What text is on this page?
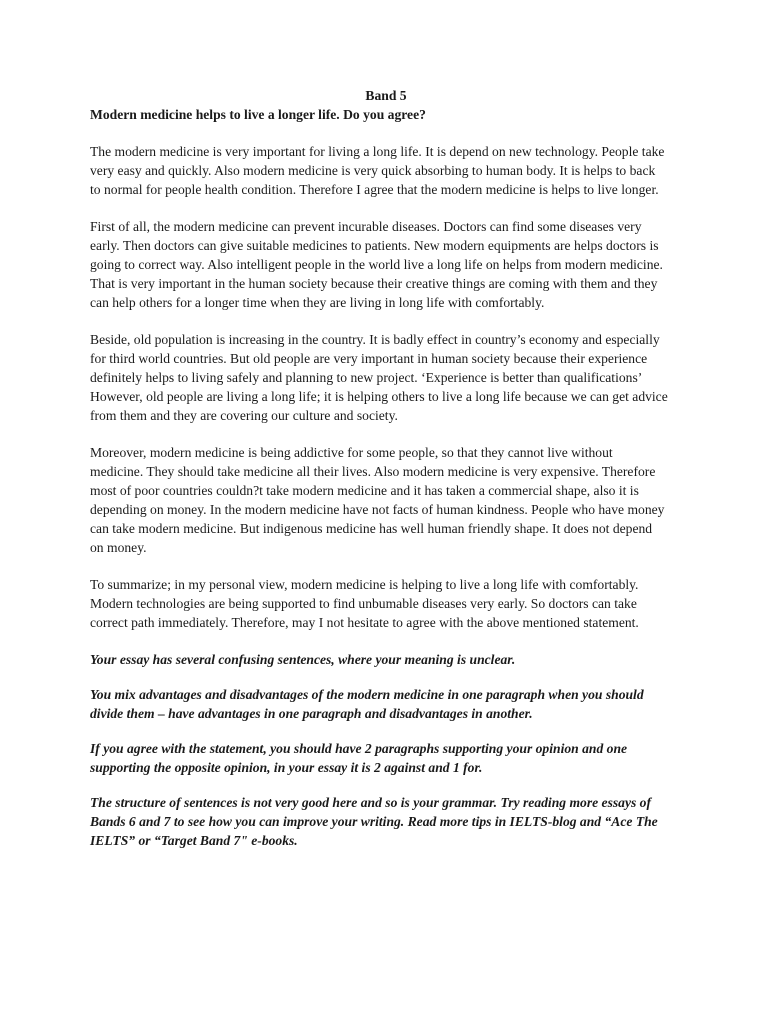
Band 5

Modern medicine helps to live a longer life. Do you agree?

The modern medicine is very important for living a long life. It is depend on new technology. People take
very easy and quickly. Also modern medicine is very quick absorbing to human body. It is helps to back
to normal for people health condition. Therefore I agree that the modern medicine is helps to live longer.

First of all, the modern medicine can prevent incurable diseases. Doctors can find some diseases very
early. Then doctors can give suitable medicines to patients. New modern equipments are helps doctors is
going to correct way. Also intelligent people in the world live a long life on helps from modern medicine.
That is very important in the human society because their creative things are coming with them and they
can help others for a longer time when they are living in long life with comfortably.

Beside, old population is increasing in the country. It is badly effect in country’s economy and especially
for third world countries. But old people are very important in human society because their experience
definitely helps to living safely and planning to new project. ‘Experience is better than qualifications’
However, old people are living a long life; it is helping others to live a long life because we can get advice
from them and they are covering our culture and society.

Moreover, modern medicine is being addictive for some people, so that they cannot live without
medicine. They should take medicine all their lives. Also modern medicine is very expensive. Therefore
most of poor countries couldn?t take modern medicine and it has taken a commercial shape, also it is
depending on money. In the modern medicine have not facts of human kindness. People who have money
can take modern medicine. But indigenous medicine has well human friendly shape. It does not depend
on money.

To summarize; in my personal view, modern medicine is helping to live a long life with comfortably.
Modern technologies are being supported to find unbumable diseases very early. So doctors can take
correct path immediately. Therefore, may I not hesitate to agree with the above mentioned statement.

Your essay has several confusing sentences, where your meaning is unclear.

You mix advantages and disadvantages of the modern medicine in one paragraph when you should
divide them – have advantages in one paragraph and disadvantages in another.

If you agree with the statement, you should have 2 paragraphs supporting your opinion and one
supporting the opposite opinion, in your essay it is 2 against and 1 for.

The structure of sentences is not very good here and so is your grammar. Try reading more essays of
Bands 6 and 7 to see how you can improve your writing. Read more tips in IELTS-blog and “Ace The
IELTS” or “Target Band 7" e-books.
